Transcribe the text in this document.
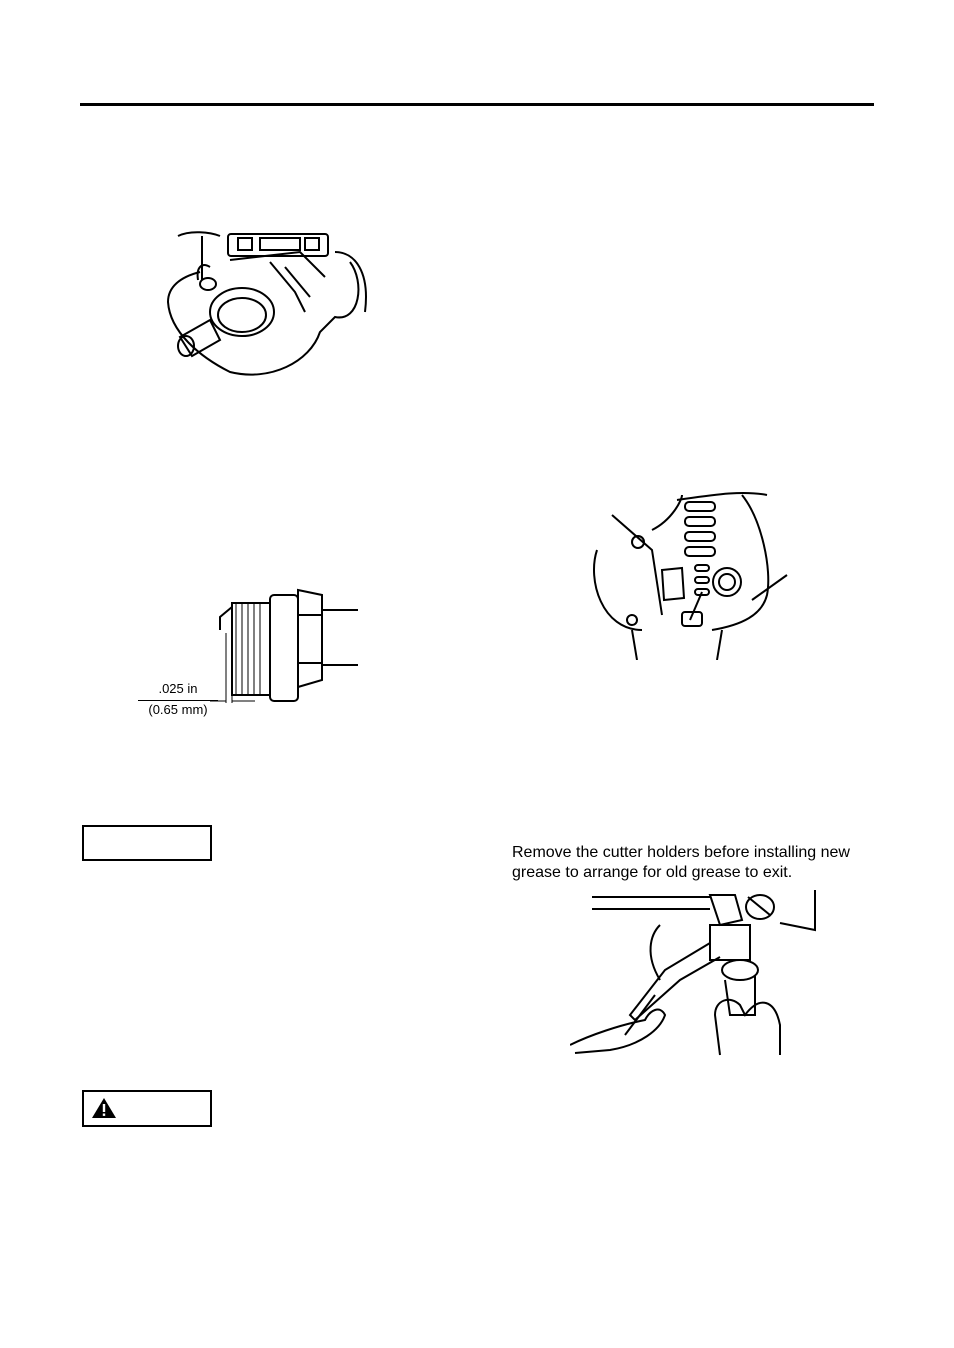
.025 in
(0.65 mm)
Remove the cutter holders before installing new grease to arrange for old grease to exit.
